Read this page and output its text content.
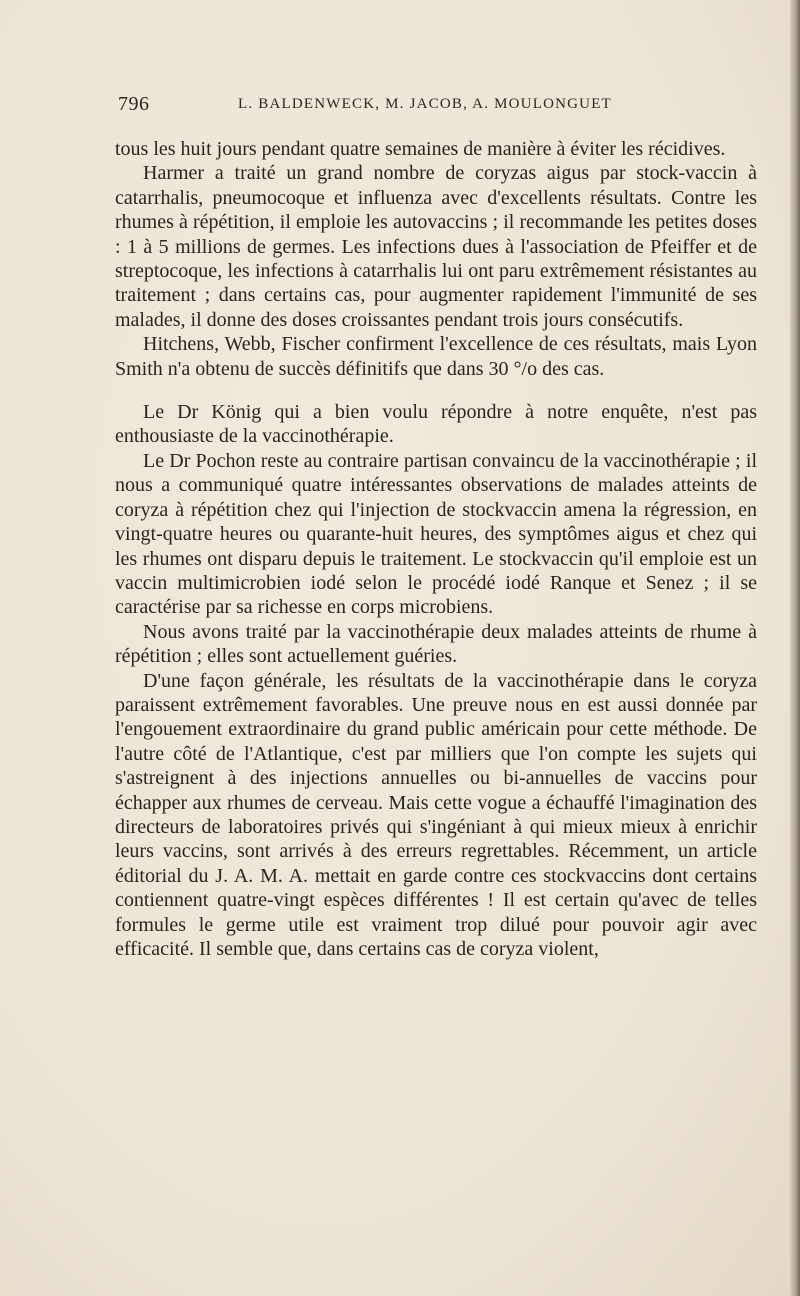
796	L. BALDENWECK, M. JACOB, A. MOULONGUET

tous les huit jours pendant quatre semaines de manière à éviter les récidives.

Harmer a traité un grand nombre de coryzas aigus par stock-vaccin à catarrhalis, pneumocoque et influenza avec d'excellents résultats. Contre les rhumes à répétition, il emploie les autovaccins ; il recommande les petites doses : 1 à 5 millions de germes. Les infections dues à l'association de Pfeiffer et de streptocoque, les infections à catarrhalis lui ont paru extrêmement résistantes au traitement ; dans certains cas, pour augmenter rapidement l'immunité de ses malades, il donne des doses croissantes pendant trois jours consécutifs.

Hitchens, Webb, Fischer confirment l'excellence de ces résultats, mais Lyon Smith n'a obtenu de succès définitifs que dans 30 °/o des cas.

Le Dr König qui a bien voulu répondre à notre enquête, n'est pas enthousiaste de la vaccinothérapie.

Le Dr Pochon reste au contraire partisan convaincu de la vaccinothérapie ; il nous a communiqué quatre intéressantes observations de malades atteints de coryza à répétition chez qui l'injection de stockvaccin amena la régression, en vingt-quatre heures ou quarante-huit heures, des symptômes aigus et chez qui les rhumes ont disparu depuis le traitement. Le stockvaccin qu'il emploie est un vaccin multimicrobien iodé selon le procédé iodé Ranque et Senez ; il se caractérise par sa richesse en corps microbiens.

Nous avons traité par la vaccinothérapie deux malades atteints de rhume à répétition ; elles sont actuellement guéries.

D'une façon générale, les résultats de la vaccinothérapie dans le coryza paraissent extrêmement favorables. Une preuve nous en est aussi donnée par l'engouement extraordinaire du grand public américain pour cette méthode. De l'autre côté de l'Atlantique, c'est par milliers que l'on compte les sujets qui s'astreignent à des injections annuelles ou bi-annuelles de vaccins pour échapper aux rhumes de cerveau. Mais cette vogue a échauffé l'imagination des directeurs de laboratoires privés qui s'ingéniant à qui mieux mieux à enrichir leurs vaccins, sont arrivés à des erreurs regrettables. Récemment, un article éditorial du J. A. M. A. mettait en garde contre ces stockvaccins dont certains contiennent quatre-vingt espèces différentes ! Il est certain qu'avec de telles formules le germe utile est vraiment trop dilué pour pouvoir agir avec efficacité. Il semble que, dans certains cas de coryza violent,
